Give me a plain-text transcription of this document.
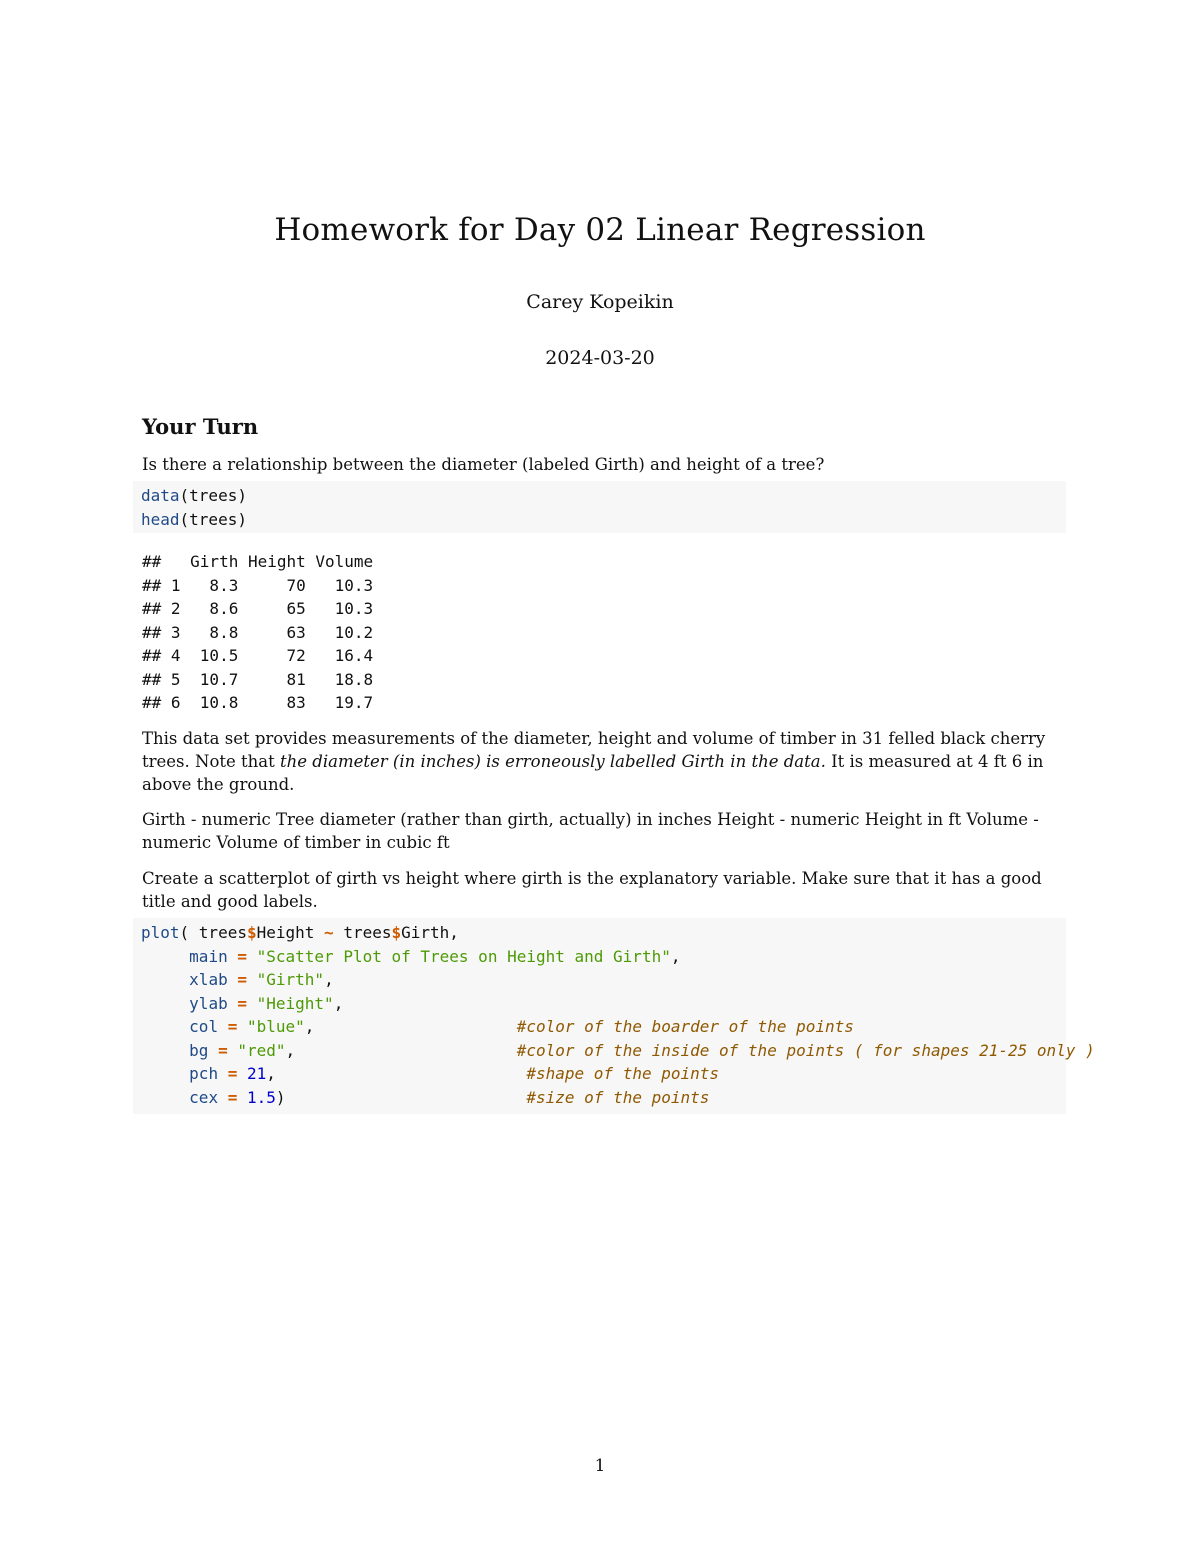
Homework for Day 02 Linear Regression
Carey Kopeikin
2024-03-20
Your Turn
Is there a relationship between the diameter (labeled Girth) and height of a tree?
data(trees)
head(trees)
##   Girth Height Volume
## 1   8.3     70   10.3
## 2   8.6     65   10.3
## 3   8.8     63   10.2
## 4  10.5     72   16.4
## 5  10.7     81   18.8
## 6  10.8     83   19.7
This data set provides measurements of the diameter, height and volume of timber in 31 felled black cherry trees. Note that the diameter (in inches) is erroneously labelled Girth in the data. It is measured at 4 ft 6 in above the ground.
Girth - numeric Tree diameter (rather than girth, actually) in inches Height - numeric Height in ft Volume - numeric Volume of timber in cubic ft
Create a scatterplot of girth vs height where girth is the explanatory variable. Make sure that it has a good title and good labels.
plot( trees$Height ~ trees$Girth,
main = "Scatter Plot of Trees on Height and Girth",
xlab = "Girth",
ylab = "Height",
col = "blue",	#color of the boarder of the points
bg = "red",	#color of the inside of the points ( for shapes 21-25 only )
pch = 21,	#shape of the points
cex = 1.5)	#size of the points
1
